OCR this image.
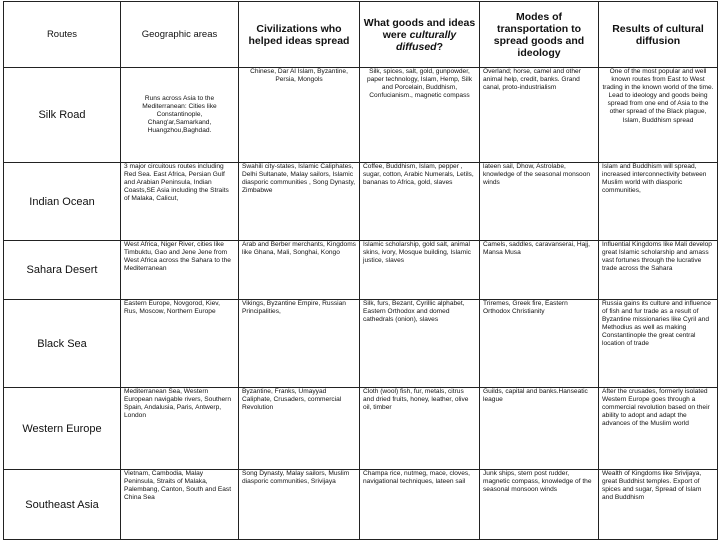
Routes	Geographic areas	Civilizations who helped ideas spread	What goods and ideas were culturally diffused?	Modes of transportation to spread goods and ideology	Results of cultural diffusion
Silk Road	Runs across Asia to the Mediterranean: Cities like Constantinople, Chang'ar,Samarkand, Huangzhou,Baghdad.	Chinese, Dar Al Islam, Byzantine, Persia, Mongols	Silk, spices, salt, gold, gunpowder, paper technology, Islam, Hemp, Silk and Porcelain, Buddhism, Confucianism., magnetic compass	Overland; horse, camel and other animal help, credit, banks. Grand canal, proto-industrialism	One of the most popular and well known routes from East to West trading in the known world of the time. Lead to ideology and goods being spread from one end of Asia to the other spread of the Black plague, Islam, Buddhism spread
Indian Ocean	3 major circuitous routes including Red Sea. East Africa, Persian Gulf and Arabian Peninsula, Indian Coasts,SE Asia including the Straits of Malaka, Calicut,	Swahili city-states, Islamic Caliphates, Delhi Sultanate, Malay sailors, Islamic diasporic communities , Song Dynasty, Zimbabwe	Coffee, Buddhism, Islam, pepper , sugar, cotton, Arabic Numerals, Letils, bananas to Africa, gold, slaves	lateen sail, Dhow, Astrolabe, knowledge of the seasonal monsoon winds	Islam and Buddhism will spread, increased interconnectivity between Muslim world with diasporic communities,
Sahara Desert	West Africa, Niger River, cities like Timbuktu, Gao and Jene Jene from West Africa across the Sahara to the Mediterranean	Arab and Berber merchants, Kingdoms like Ghana, Mali, Songhai, Kongo	Islamic scholarship, gold salt, animal skins, ivory, Mosque building, Islamic justice, slaves	Camels, saddles, caravanserai, Hajj, Mansa Musa	Influential Kingdoms like Mali develop great Islamic scholarship and amass vast fortunes through the lucrative trade across the Sahara
Black Sea	Eastern Europe, Novgorod, Kiev, Rus, Moscow, Northern Europe	Vikings, Byzantine Empire, Russian Principalities,	Silk, furs, Bezant, Cyrillic alphabet, Eastern Orthodox and domed cathedrals (onion), slaves	Triremes, Greek fire, Eastern Orthodox Christianity	Russia gains its culture and influence of fish and fur trade as a result of Byzantine missionaries like Cyril and Methodius as well as making Constantinople the great central location of trade
Western Europe	Mediterranean Sea, Western European navigable rivers, Southern Spain, Andalusia, Paris, Antwerp, London	Byzantine, Franks, Umayyad Caliphate, Crusaders, commercial Revolution	Cloth (wool) fish, fur, metals, citrus and dried fruits, honey, leather, olive oil, timber	Guilds, capital and banks.Hanseatic league	After the crusades, formerly isolated Western Europe goes through a commercial revolution based on their ability to adopt and adapt the advances of the Muslim world
Southeast Asia	Vietnam, Cambodia, Malay Peninsula, Straits of Malaka, Palembang, Canton, South and East China Sea	Song Dynasty, Malay sailors, Muslim diasporic communities, Srivijaya	Champa rice, nutmeg, mace, cloves, navigational techniques, lateen sail	Junk ships, stern post rudder, magnetic compass, knowledge of the seasonal monsoon winds	Wealth of Kingdoms like Srivijaya, great Buddhist temples. Export of spices and sugar, Spread of Islam and Buddhism
